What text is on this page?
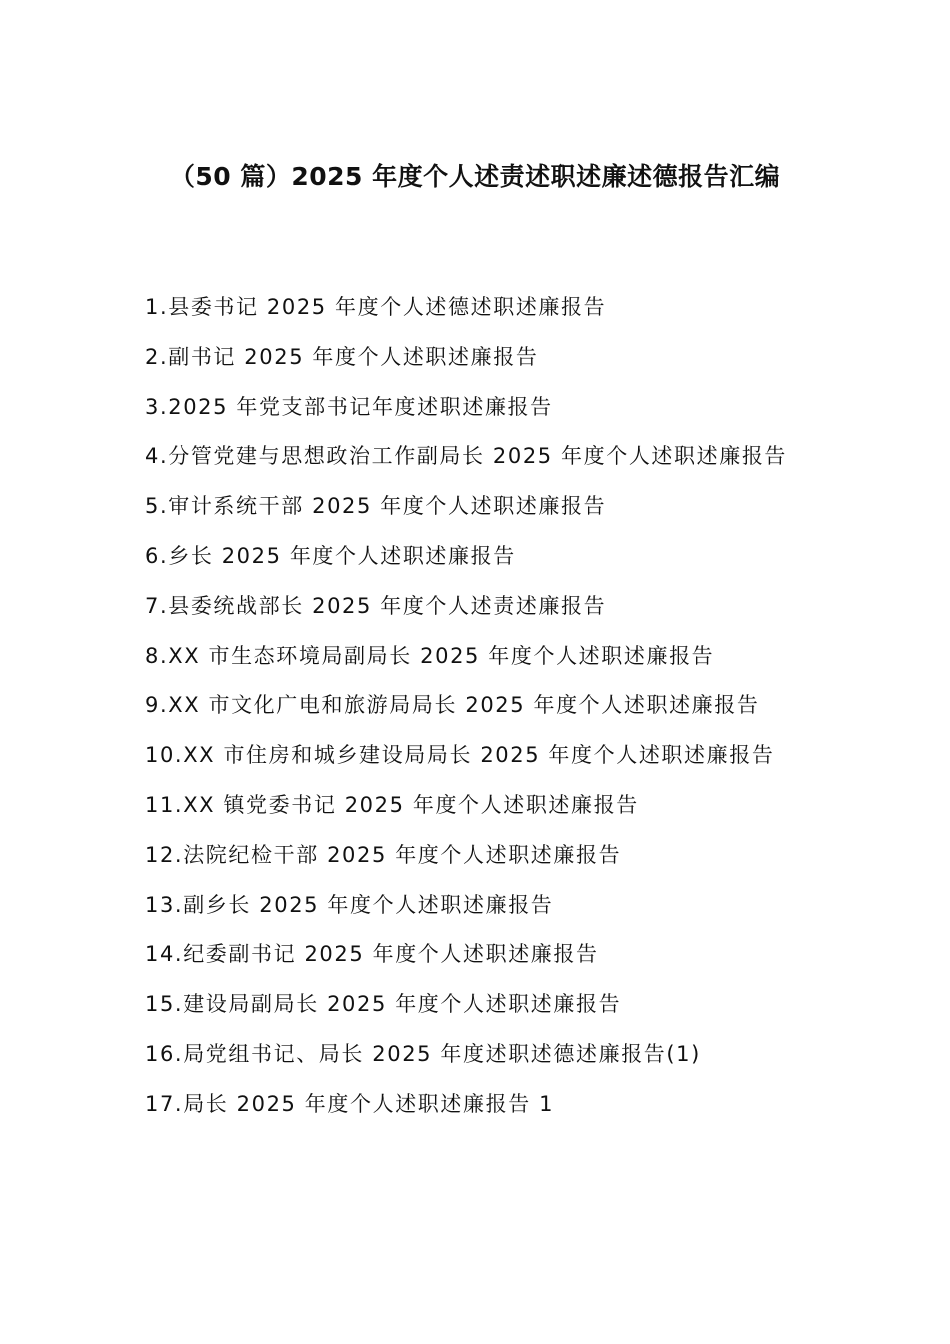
（50 篇）2025 年度个人述责述职述廉述德报告汇编
1.县委书记 2025 年度个人述德述职述廉报告
2.副书记 2025 年度个人述职述廉报告
3.2025 年党支部书记年度述职述廉报告
4.分管党建与思想政治工作副局长 2025 年度个人述职述廉报告
5.审计系统干部 2025 年度个人述职述廉报告
6.乡长 2025 年度个人述职述廉报告
7.县委统战部长 2025 年度个人述责述廉报告
8.XX 市生态环境局副局长 2025 年度个人述职述廉报告
9.XX 市文化广电和旅游局局长 2025 年度个人述职述廉报告
10.XX 市住房和城乡建设局局长 2025 年度个人述职述廉报告
11.XX 镇党委书记 2025 年度个人述职述廉报告
12.法院纪检干部 2025 年度个人述职述廉报告
13.副乡长 2025 年度个人述职述廉报告
14.纪委副书记 2025 年度个人述职述廉报告
15.建设局副局长 2025 年度个人述职述廉报告
16.局党组书记、局长 2025 年度述职述德述廉报告(1)
17.局长 2025 年度个人述职述廉报告 1
